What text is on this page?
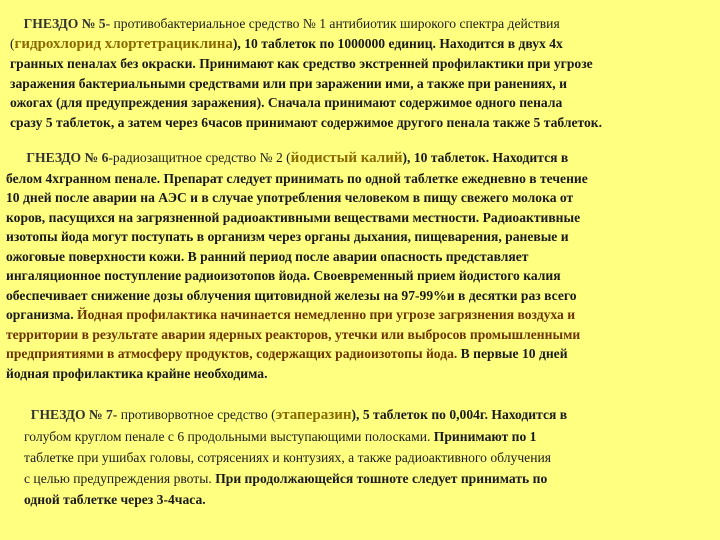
ГНЕЗДО № 5- противобактериальное средство № 1 антибиотик широкого спектра действия
(гидрохлорид хлортетрациклина), 10 таблеток по 1000000 единиц. Находится в двух 4х
гранных пеналах без окраски. Принимают как средство экстренней профилактики при угрозе
заражения бактериальными средствами или при заражении ими, а также при ранениях, и
ожогах (для предупреждения заражения). Сначала принимают содержимое одного пенала
сразу 5 таблеток, а затем через 6часов принимают содержимое другого пенала также 5 таблеток.
ГНЕЗДО № 6-радиозащитное средство № 2 (йодистый калий), 10 таблеток. Находится в
белом 4хгранном пенале. Препарат следует принимать по одной таблетке ежедневно в течение
10 дней после аварии на АЭС и в случае употребления человеком в пищу свежего молока от
коров, пасущихся на загрязненной радиоактивными веществами местности. Радиоактивные
изотопы йода могут поступать в организм через органы дыхания, пищеварения, раневые и
ожоговые поверхности кожи. В ранний период после аварии опасность представляет
ингаляционное поступление радиоизотопов йода. Своевременный прием йодистого калия
обеспечивает снижение дозы облучения щитовидной железы на 97-99%и в десятки раз всего
организма. Йодная профилактика начинается немедленно при угрозе загрязнения воздуха и
территории в результате аварии ядерных реакторов, утечки или выбросов промышленными
предприятиями в атмосферу продуктов, содержащих радиоизотопы йода. В первые 10 дней
йодная профилактика крайне необходима.
ГНЕЗДО № 7- противорвотное средство (этаперазин), 5 таблеток по 0,004г. Находится в
голубом круглом пенале с 6 продольными выступающими полосками. Принимают по 1
таблетке при ушибах головы, сотрясениях и контузиях, а также радиоактивного облучения
с целью предупреждения рвоты. При продолжающейся тошноте следует принимать по
одной таблетке через 3-4часа.
